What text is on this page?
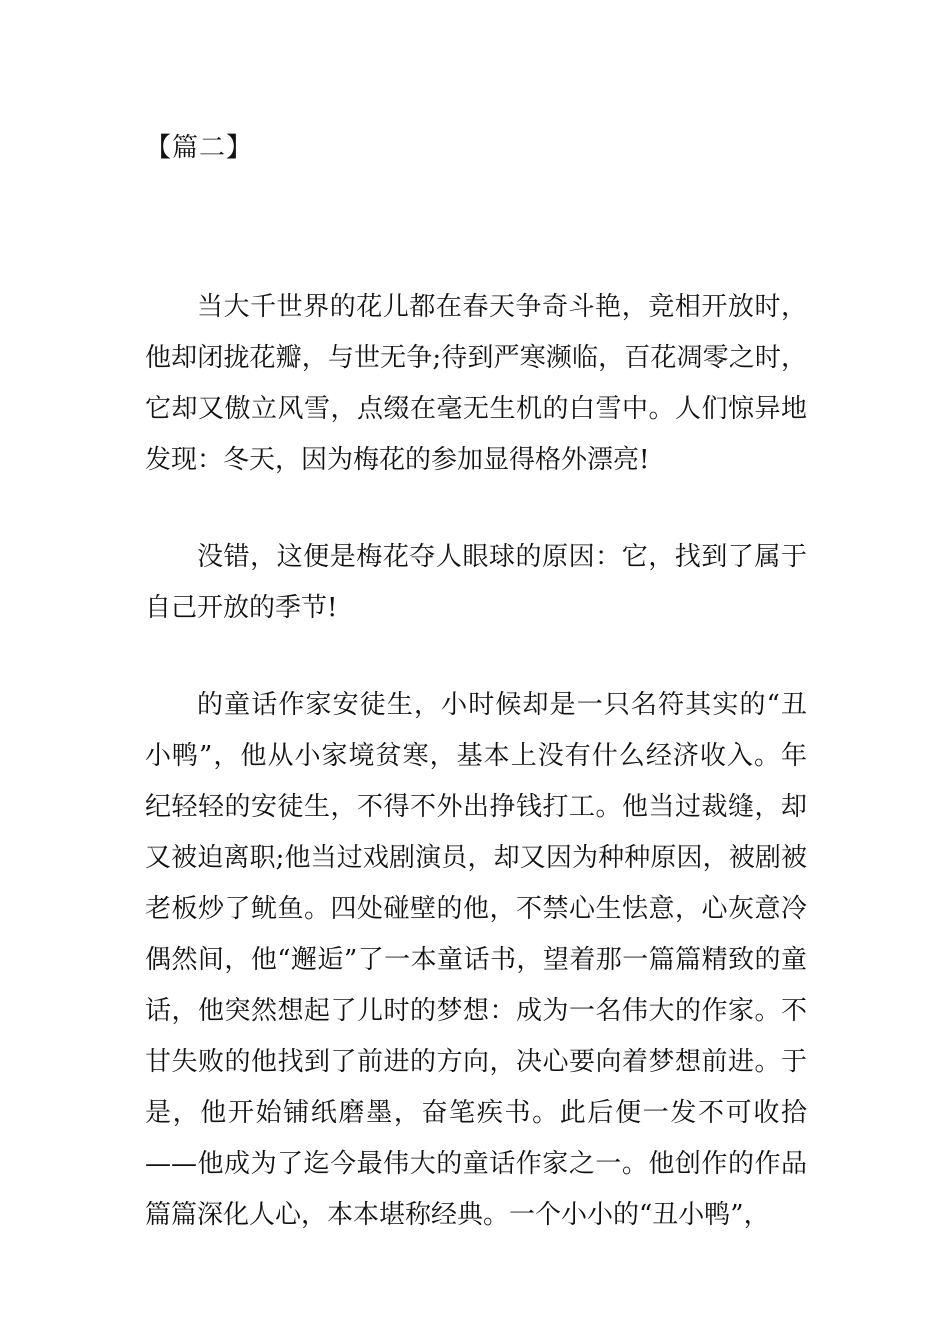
【篇二】

当大千世界的花儿都在春天争奇斗艳，竞相开放时，他却闭拢花瓣，与世无争;待到严寒濒临，百花凋零之时，它却又傲立风雪，点缀在毫无生机的白雪中。人们惊异地发现：冬天，因为梅花的参加显得格外漂亮!

没错，这便是梅花夺人眼球的原因：它，找到了属于自己开放的季节!

的童话作家安徒生，小时候却是一只名符其实的“丑小鸭”，他从小家境贫寒，基本上没有什么经济收入。年纪轻轻的安徒生，不得不外出挣钱打工。他当过裁缝，却又被迫离职;他当过戏剧演员，却又因为种种原因，被剧被老板炒了鱿鱼。四处碰壁的他，不禁心生怯意，心灰意冷偶然间，他“邂逅”了一本童话书，望着那一篇篇精致的童话，他突然想起了儿时的梦想：成为一名伟大的作家。不甘失败的他找到了前进的方向，决心要向着梦想前进。于是，他开始铺纸磨墨，奋笔疾书。此后便一发不可收拾——他成为了迄今最伟大的童话作家之一。他创作的作品篇篇深化人心，本本堪称经典。一个小小的“丑小鸭”，
